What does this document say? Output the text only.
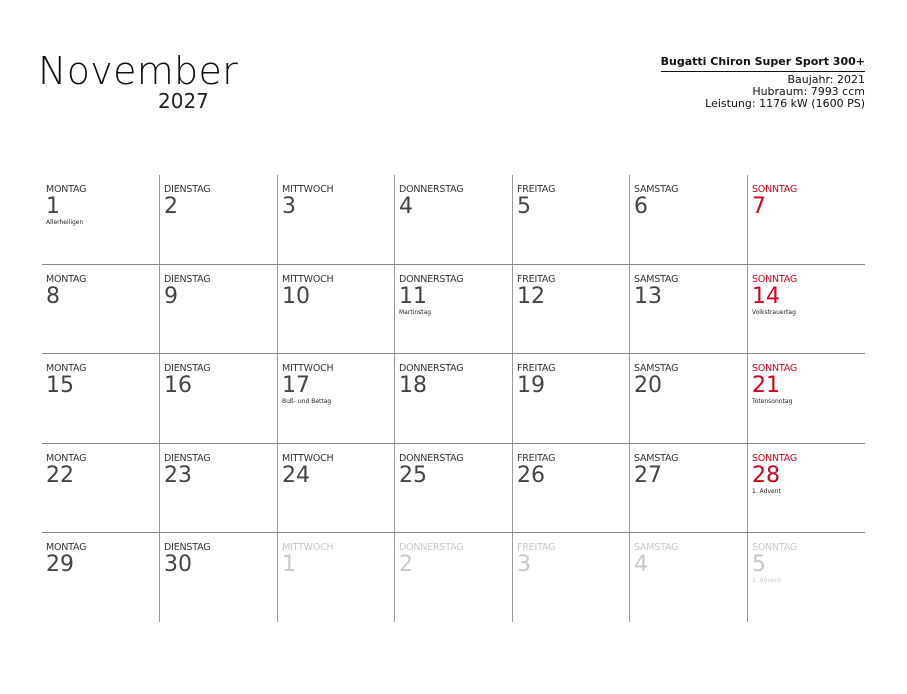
November
2027
Bugatti Chiron Super Sport 300+
Baujahr: 2021
Hubraum: 7993 ccm
Leistung: 1176 kW (1600 PS)
MONTAG
1
Allerheiligen
DIENSTAG
2
MITTWOCH
3
DONNERSTAG
4
FREITAG
5
SAMSTAG
6
SONNTAG
7
MONTAG
8
DIENSTAG
9
MITTWOCH
10
DONNERSTAG
11
Martinstag
FREITAG
12
SAMSTAG
13
SONNTAG
14
Volkstrauertag
MONTAG
15
DIENSTAG
16
MITTWOCH
17
Buß- und Bettag
DONNERSTAG
18
FREITAG
19
SAMSTAG
20
SONNTAG
21
Totensonntag
MONTAG
22
DIENSTAG
23
MITTWOCH
24
DONNERSTAG
25
FREITAG
26
SAMSTAG
27
SONNTAG
28
1. Advent
MONTAG
29
DIENSTAG
30
MITTWOCH
1
DONNERSTAG
2
FREITAG
3
SAMSTAG
4
SONNTAG
5
2. Advent
